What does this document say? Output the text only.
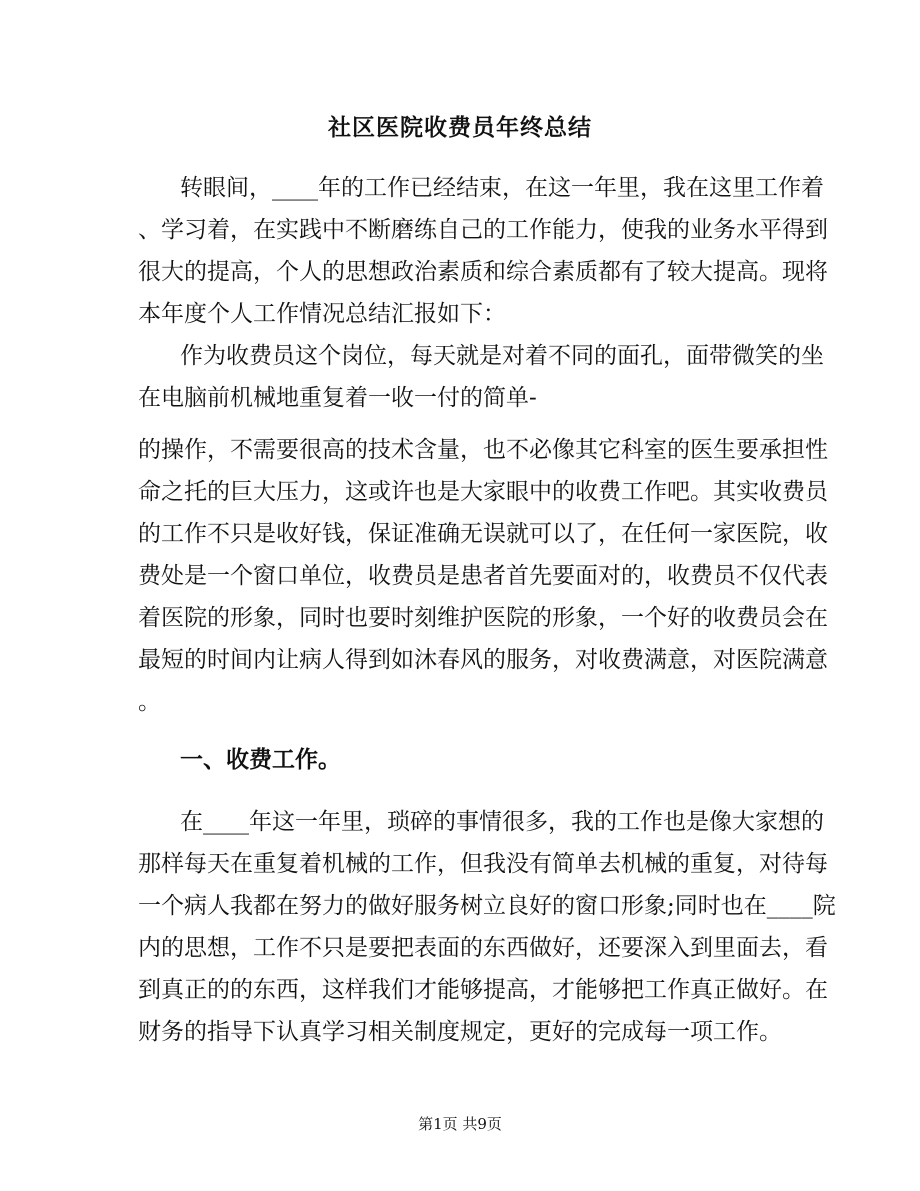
社区医院收费员年终总结
转眼间，____年的工作已经结束，在这一年里，我在这里工作着
、学习着，在实践中不断磨练自己的工作能力，使我的业务水平得到
很大的提高，个人的思想政治素质和综合素质都有了较大提高。现将
本年度个人工作情况总结汇报如下：
作为收费员这个岗位，每天就是对着不同的面孔，面带微笑的坐
在电脑前机械地重复着一收一付的简单-
的操作，不需要很高的技术含量，也不必像其它科室的医生要承担性
命之托的巨大压力，这或许也是大家眼中的收费工作吧。其实收费员
的工作不只是收好钱，保证准确无误就可以了，在任何一家医院，收
费处是一个窗口单位，收费员是患者首先要面对的，收费员不仅代表
着医院的形象，同时也要时刻维护医院的形象，一个好的收费员会在
最短的时间内让病人得到如沐春风的服务，对收费满意，对医院满意
。
一、收费工作。
在____年这一年里，琐碎的事情很多，我的工作也是像大家想的
那样每天在重复着机械的工作，但我没有简单去机械的重复，对待每
一个病人我都在努力的做好服务树立良好的窗口形象;同时也在____院
内的思想，工作不只是要把表面的东西做好，还要深入到里面去，看
到真正的的东西，这样我们才能够提高，才能够把工作真正做好。在
财务的指导下认真学习相关制度规定，更好的完成每一项工作。
第1页 共9页
